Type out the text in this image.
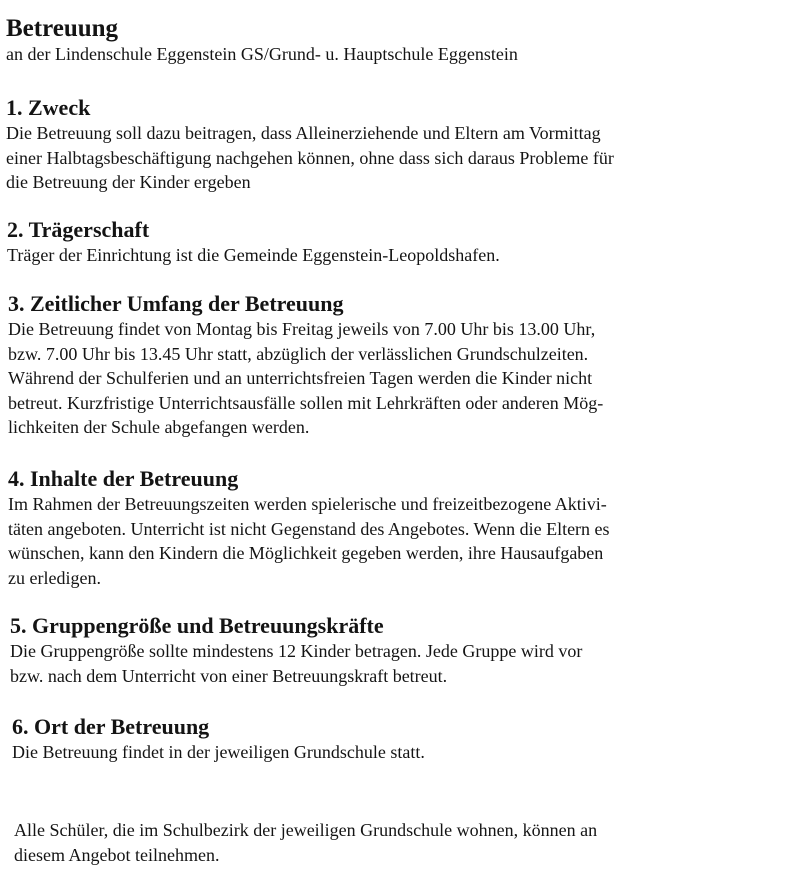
Betreuung
an der Lindenschule Eggenstein GS/Grund- u. Hauptschule Eggenstein
1. Zweck

Die Betreuung soll dazu beitragen, dass Alleinerziehende und Eltern am Vormittag
einer Halbtagsbeschäftigung nachgehen können, ohne dass sich daraus Probleme für
die Betreuung der Kinder ergeben

2. Trägerschaft

Träger der Einrichtung ist die Gemeinde Eggenstein-Leopoldshafen.

3. Zeitlicher Umfang der Betreuung

Die Betreuung findet von Montag bis Freitag jeweils von 7.00 Uhr bis 13.00 Uhr,
bzw. 7.00 Uhr bis 13.45 Uhr statt, abzüglich der verlässlichen Grundschulzeiten.
Während der Schulferien und an unterrichtsfreien Tagen werden die Kinder nicht
betreut. Kurzfristige Unterrichtsausfälle sollen mit Lehrkräften oder anderen Mög-
lichkeiten der Schule abgefangen werden.

4. Inhalte der Betreuung

Im Rahmen der Betreuungszeiten werden spielerische und freizeitbezogene Aktivi-
täten angeboten. Unterricht ist nicht Gegenstand des Angebotes. Wenn die Eltern es
wünschen, kann den Kindern die Möglichkeit gegeben werden, ihre Hausaufgaben
zu erledigen.

5. Gruppengröße und Betreuungskräfte

Die Gruppengröße sollte mindestens 12 Kinder betragen. Jede Gruppe wird vor
bzw. nach dem Unterricht von einer Betreuungskraft betreut.

6. Ort der Betreuung

Die Betreuung findet in der jeweiligen Grundschule statt.

Alle Schüler, die im Schulbezirk der jeweiligen Grundschule wohnen, können an
diesem Angebot teilnehmen.
